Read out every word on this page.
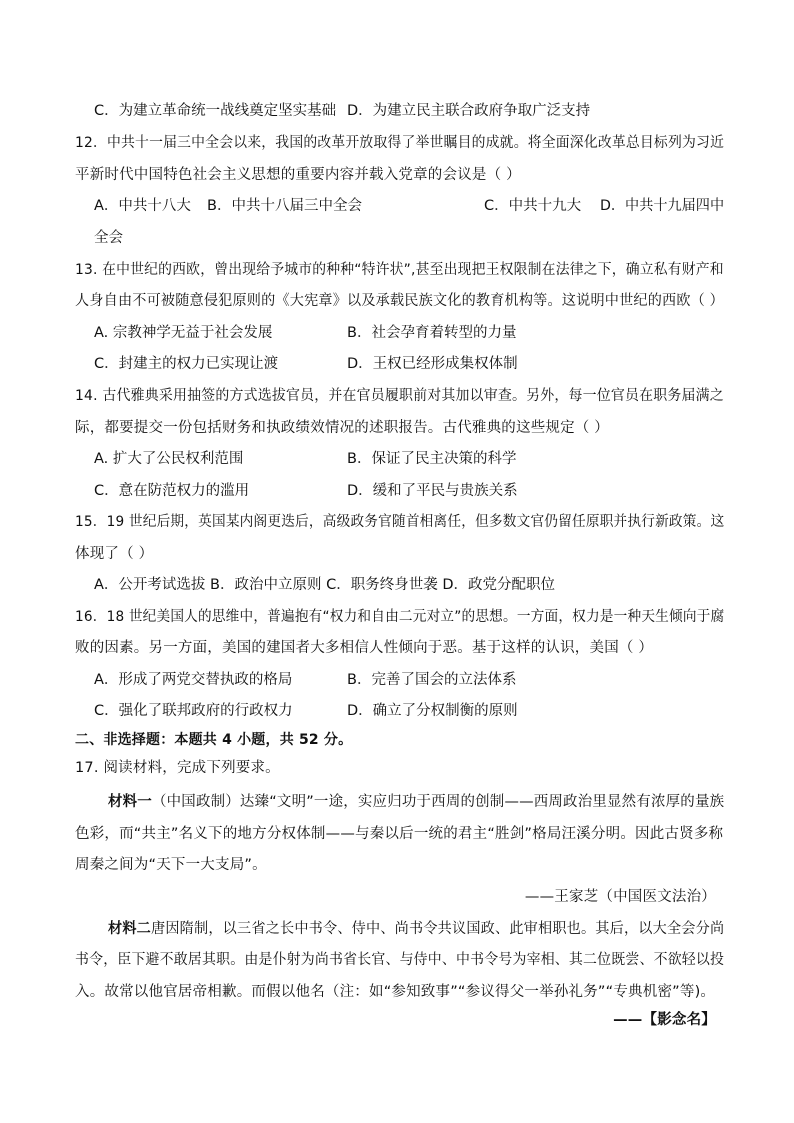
C．为建立革命统一战线奠定坚实基础 D．为建立民主联合政府争取广泛支持
12．中共十一届三中全会以来，我国的改革开放取得了举世瞩目的成就。将全面深化改革总目标列为习近
平新时代中国特色社会主义思想的重要内容并载入党章的会议是（ ）
A．中共十八大 B．中共十八届三中全会	C．中共十九大 D．中共十九届四中
全会
13. 在中世纪的西欧，曾出现给予城市的种种“特许状”,甚至出现把王权限制在法律之下，确立私有财产和
人身自由不可被随意侵犯原则的《大宪章》以及承载民族文化的教育机构等。这说明中世纪的西欧（ ）
A. 宗教神学无益于社会发展	B．社会孕育着转型的力量
C．封建主的权力已实现让渡	D．王权已经形成集权体制
14. 古代雅典采用抽签的方式选拔官员，并在官员履职前对其加以审查。另外，每一位官员在职务届满之
际，都要提交一份包括财务和执政绩效情况的述职报告。古代雅典的这些规定（ ）
A. 扩大了公民权利范围	B．保证了民主决策的科学
C．意在防范权力的滥用	D．缓和了平民与贵族关系
15．19 世纪后期，英国某内阁更迭后，高级政务官随首相离任，但多数文官仍留任原职并执行新政策。这
体现了（ ）
A．公开考试选拔 B．政治中立原则 C．职务终身世袭 D．政党分配职位
16．18 世纪美国人的思维中，普遍抱有“权力和自由二元对立”的思想。一方面，权力是一种天生倾向于腐
败的因素。另一方面，美国的建国者大多相信人性倾向于恶。基于这样的认识，美国（ ）
A．形成了两党交替执政的格局	B．完善了国会的立法体系
C．强化了联邦政府的行政权力	D．确立了分权制衡的原则
二、非选择题：本题共 4 小题，共 52 分。
17. 阅读材料，完成下列要求。
材料一（中国政制）达臻“文明”一途，实应归功于西周的创制——西周政治里显然有浓厚的量族
色彩，而“共主”名义下的地方分权体制——与秦以后一统的君主“胜剑”格局汪溪分明。因此古贤多称
周秦之间为“天下一大支局”。
——王家芝（中国医文法治）
材料二唐因隋制，以三省之长中书令、侍中、尚书令共议国政、此审相职也。其后，以大全会分尚
书令，臣下避不敢居其职。由是仆射为尚书省长官、与侍中、中书令号为宰相、其二位既尝、不欲轻以投
入。故常以他官居帝相歉。而假以他名（注：如“参知致事”“参议得父一举孙礼务”“专典机密”等)。
——【影念名】
